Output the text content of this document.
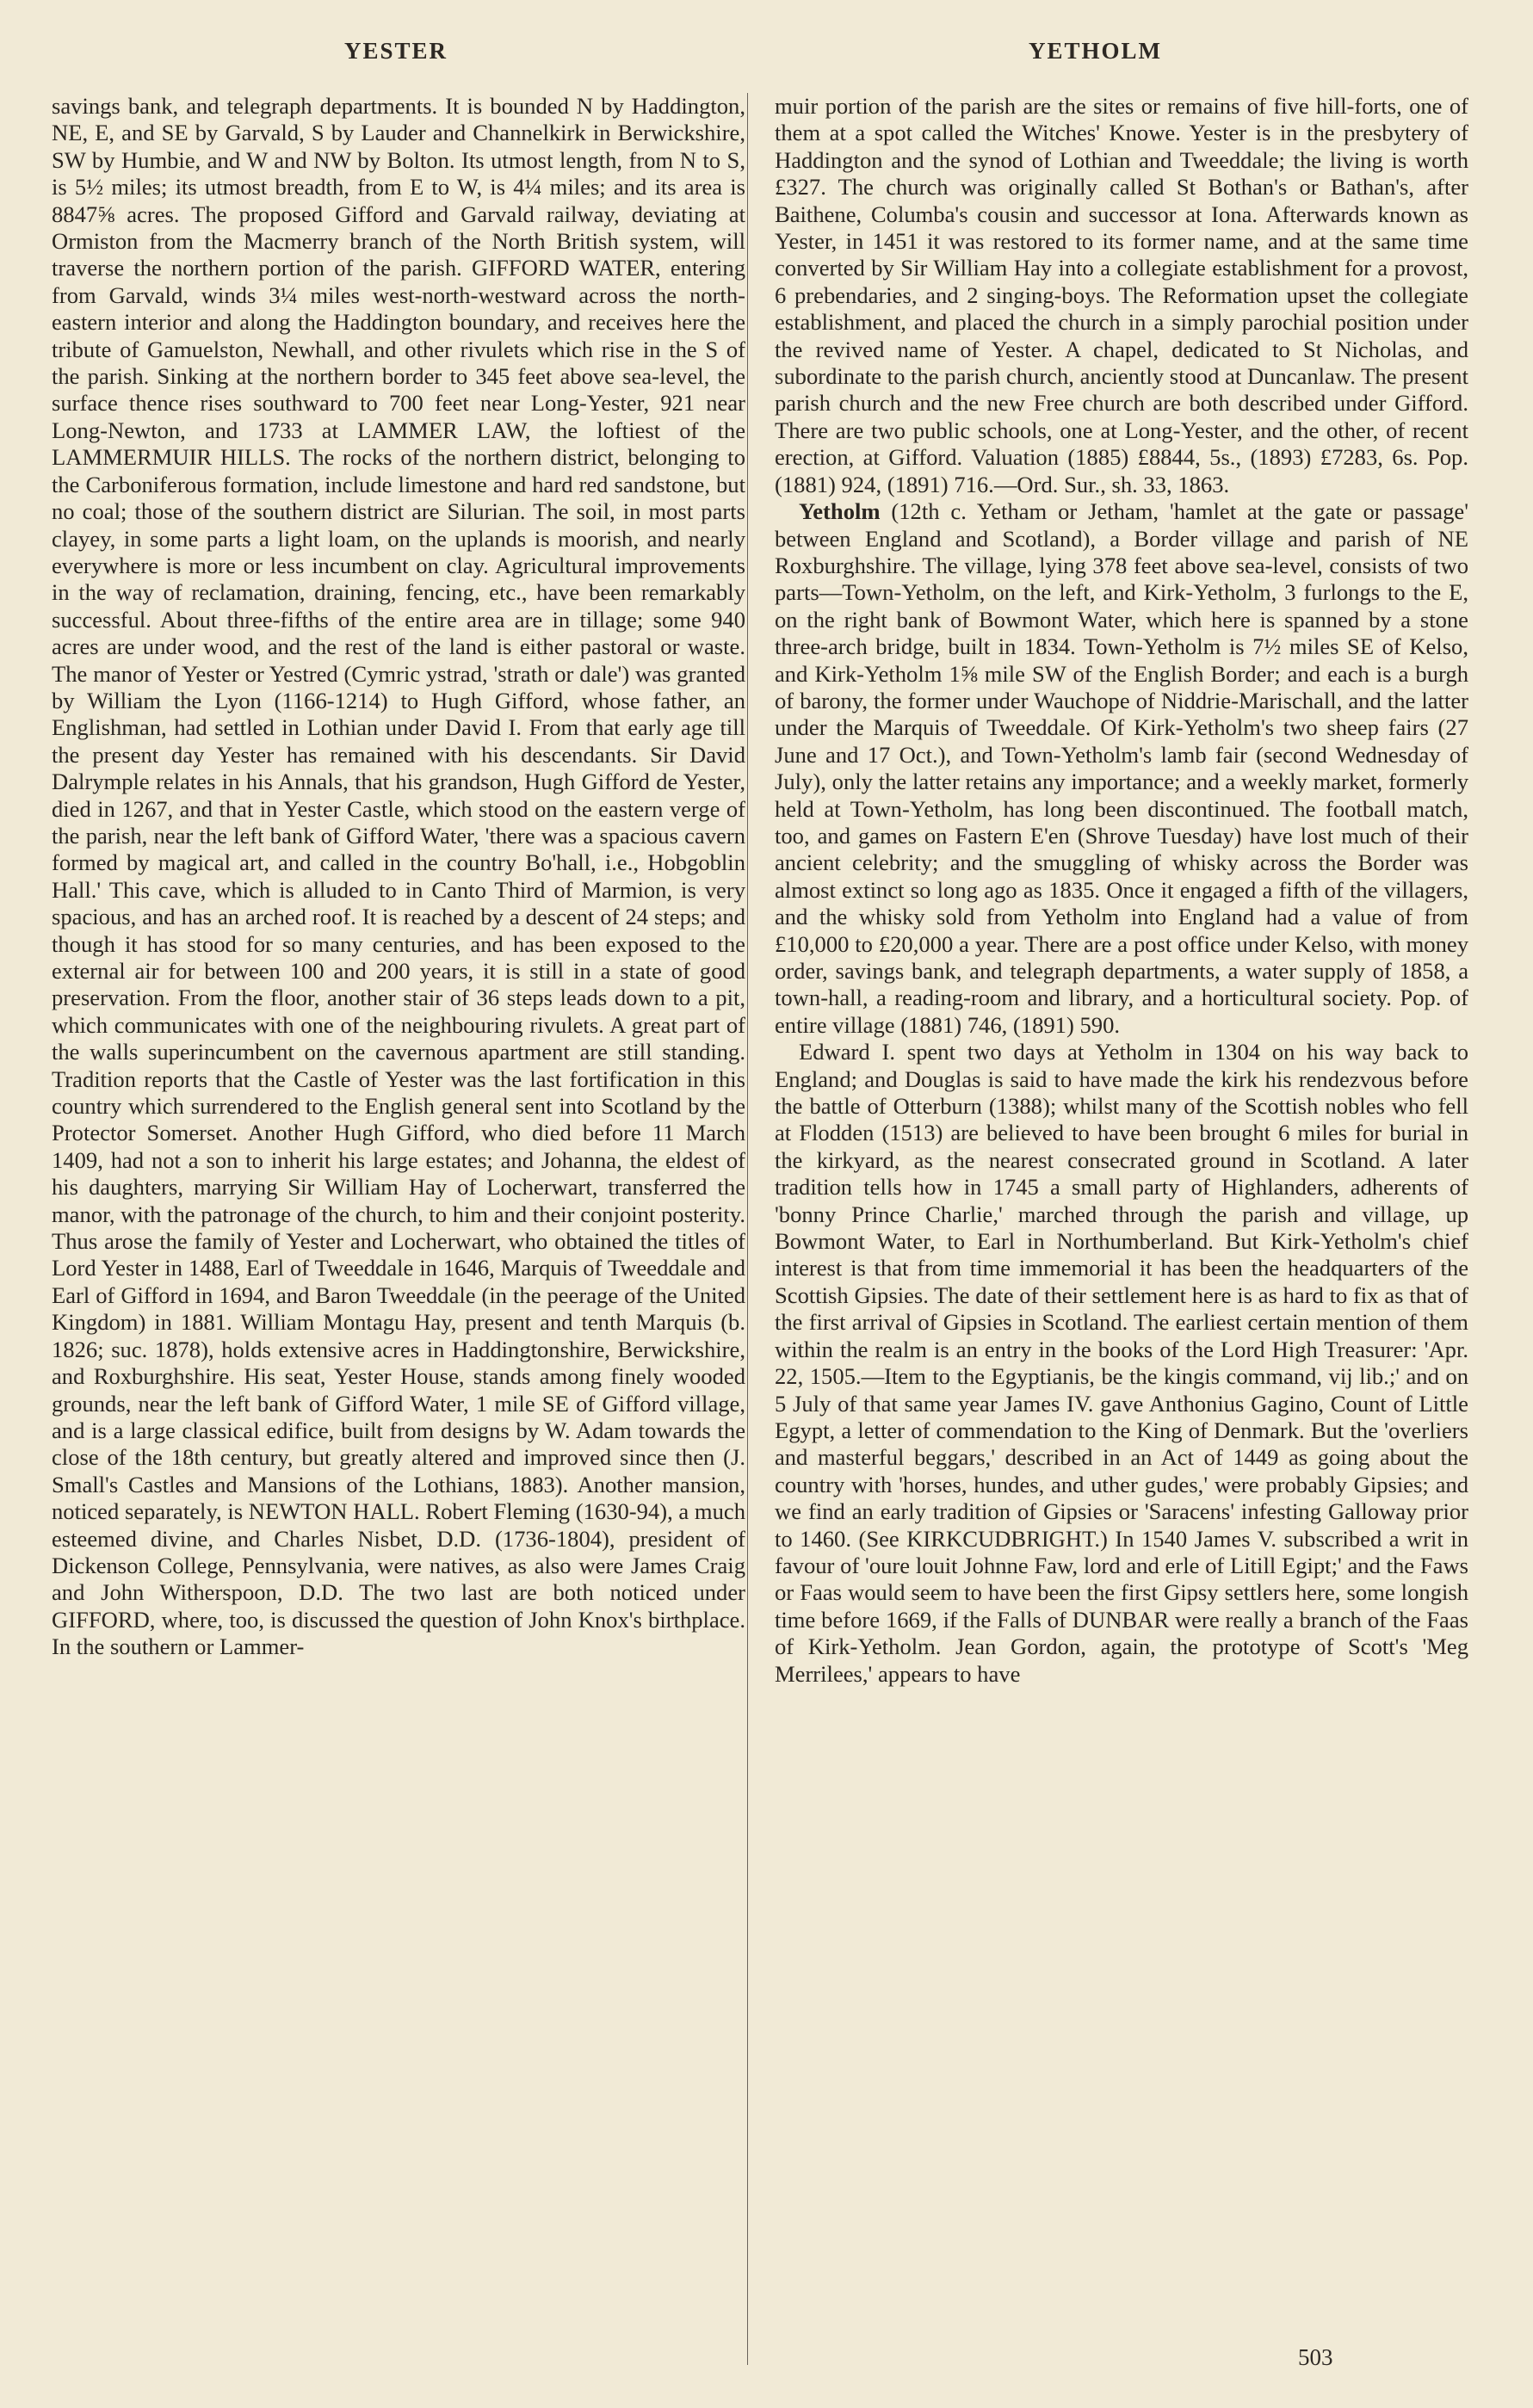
YESTER	YETHOLM

savings bank, and telegraph departments. It is bounded N by Haddington, NE, E, and SE by Garvald, S by Lauder and Channelkirk in Berwickshire, SW by Humbie, and W and NW by Bolton. Its utmost length, from N to S, is 5½ miles; its utmost breadth, from E to W, is 4¼ miles; and its area is 8847⅝ acres. The proposed Gifford and Garvald railway, deviating at Ormiston from the Macmerry branch of the North British system, will traverse the northern portion of the parish. GIFFORD WATER, entering from Garvald, winds 3¼ miles west-north-westward across the north-eastern interior and along the Haddington boundary, and receives here the tribute of Gamuelston, Newhall, and other rivulets which rise in the S of the parish. Sinking at the northern border to 345 feet above sea-level, the surface thence rises southward to 700 feet near Long-Yester, 921 near Long-Newton, and 1733 at LAMMER LAW, the loftiest of the LAMMERMUIR HILLS. The rocks of the northern district, belonging to the Carboniferous formation, include limestone and hard red sandstone, but no coal; those of the southern district are Silurian. The soil, in most parts clayey, in some parts a light loam, on the uplands is moorish, and nearly everywhere is more or less incumbent on clay. Agricultural improvements in the way of reclamation, draining, fencing, etc., have been remarkably successful. About three-fifths of the entire area are in tillage; some 940 acres are under wood, and the rest of the land is either pastoral or waste. The manor of Yester or Yestred (Cymric ystrad, 'strath or dale') was granted by William the Lyon (1166-1214) to Hugh Gifford, whose father, an Englishman, had settled in Lothian under David I. From that early age till the present day Yester has remained with his descendants. Sir David Dalrymple relates in his Annals, that his grandson, Hugh Gifford de Yester, died in 1267, and that in Yester Castle, which stood on the eastern verge of the parish, near the left bank of Gifford Water, 'there was a spacious cavern formed by magical art, and called in the country Bo'hall, i.e., Hobgoblin Hall.' This cave, which is alluded to in Canto Third of Marmion, is very spacious, and has an arched roof. It is reached by a descent of 24 steps; and though it has stood for so many centuries, and has been exposed to the external air for between 100 and 200 years, it is still in a state of good preservation. From the floor, another stair of 36 steps leads down to a pit, which communicates with one of the neighbouring rivulets. A great part of the walls superincumbent on the cavernous apartment are still standing. Tradition reports that the Castle of Yester was the last fortification in this country which surrendered to the English general sent into Scotland by the Protector Somerset. Another Hugh Gifford, who died before 11 March 1409, had not a son to inherit his large estates; and Johanna, the eldest of his daughters, marrying Sir William Hay of Locherwart, transferred the manor, with the patronage of the church, to him and their conjoint posterity. Thus arose the family of Yester and Locherwart, who obtained the titles of Lord Yester in 1488, Earl of Tweeddale in 1646, Marquis of Tweeddale and Earl of Gifford in 1694, and Baron Tweeddale (in the peerage of the United Kingdom) in 1881. William Montagu Hay, present and tenth Marquis (b. 1826; suc. 1878), holds extensive acres in Haddingtonshire, Berwickshire, and Roxburghshire. His seat, Yester House, stands among finely wooded grounds, near the left bank of Gifford Water, 1 mile SE of Gifford village, and is a large classical edifice, built from designs by W. Adam towards the close of the 18th century, but greatly altered and improved since then (J. Small's Castles and Mansions of the Lothians, 1883). Another mansion, noticed separately, is NEWTON HALL. Robert Fleming (1630-94), a much esteemed divine, and Charles Nisbet, D.D. (1736-1804), president of Dickenson College, Pennsylvania, were natives, as also were James Craig and John Witherspoon, D.D. The two last are both noticed under GIFFORD, where, too, is discussed the question of John Knox's birthplace. In the southern or Lammer-

muir portion of the parish are the sites or remains of five hill-forts, one of them at a spot called the Witches' Knowe. Yester is in the presbytery of Haddington and the synod of Lothian and Tweeddale; the living is worth £327. The church was originally called St Bothan's or Bathan's, after Baithene, Columba's cousin and successor at Iona. Afterwards known as Yester, in 1451 it was restored to its former name, and at the same time converted by Sir William Hay into a collegiate establishment for a provost, 6 prebendaries, and 2 singing-boys. The Reformation upset the collegiate establishment, and placed the church in a simply parochial position under the revived name of Yester. A chapel, dedicated to St Nicholas, and subordinate to the parish church, anciently stood at Duncanlaw. The present parish church and the new Free church are both described under Gifford. There are two public schools, one at Long-Yester, and the other, of recent erection, at Gifford. Valuation (1885) £8844, 5s., (1893) £7283, 6s. Pop. (1881) 924, (1891) 716.—Ord. Sur., sh. 33, 1863.

Yetholm (12th c. Yetham or Jetham, 'hamlet at the gate or passage' between England and Scotland), a Border village and parish of NE Roxburghshire. The village, lying 378 feet above sea-level, consists of two parts—Town-Yetholm, on the left, and Kirk-Yetholm, 3 furlongs to the E, on the right bank of Bowmont Water, which here is spanned by a stone three-arch bridge, built in 1834. Town-Yetholm is 7½ miles SE of Kelso, and Kirk-Yetholm 1⅝ mile SW of the English Border; and each is a burgh of barony, the former under Wauchope of Niddrie-Marischall, and the latter under the Marquis of Tweeddale. Of Kirk-Yetholm's two sheep fairs (27 June and 17 Oct.), and Town-Yetholm's lamb fair (second Wednesday of July), only the latter retains any importance; and a weekly market, formerly held at Town-Yetholm, has long been discontinued. The football match, too, and games on Fastern E'en (Shrove Tuesday) have lost much of their ancient celebrity; and the smuggling of whisky across the Border was almost extinct so long ago as 1835. Once it engaged a fifth of the villagers, and the whisky sold from Yetholm into England had a value of from £10,000 to £20,000 a year. There are a post office under Kelso, with money order, savings bank, and telegraph departments, a water supply of 1858, a town-hall, a reading-room and library, and a horticultural society. Pop. of entire village (1881) 746, (1891) 590.

Edward I. spent two days at Yetholm in 1304 on his way back to England; and Douglas is said to have made the kirk his rendezvous before the battle of Otterburn (1388); whilst many of the Scottish nobles who fell at Flodden (1513) are believed to have been brought 6 miles for burial in the kirkyard, as the nearest consecrated ground in Scotland. A later tradition tells how in 1745 a small party of Highlanders, adherents of 'bonny Prince Charlie,' marched through the parish and village, up Bowmont Water, to Earl in Northumberland. But Kirk-Yetholm's chief interest is that from time immemorial it has been the headquarters of the Scottish Gipsies. The date of their settlement here is as hard to fix as that of the first arrival of Gipsies in Scotland. The earliest certain mention of them within the realm is an entry in the books of the Lord High Treasurer: 'Apr. 22, 1505.—Item to the Egyptianis, be the kingis command, vij lib.;' and on 5 July of that same year James IV. gave Anthonius Gagino, Count of Little Egypt, a letter of commendation to the King of Denmark. But the 'overliers and masterful beggars,' described in an Act of 1449 as going about the country with 'horses, hundes, and uther gudes,' were probably Gipsies; and we find an early tradition of Gipsies or 'Saracens' infesting Galloway prior to 1460. (See KIRKCUDBRIGHT.) In 1540 James V. subscribed a writ in favour of 'oure louit Johnne Faw, lord and erle of Litill Egipt;' and the Faws or Faas would seem to have been the first Gipsy settlers here, some longish time before 1669, if the Falls of DUNBAR were really a branch of the Faas of Kirk-Yetholm. Jean Gordon, again, the prototype of Scott's 'Meg Merrilees,' appears to have

503
